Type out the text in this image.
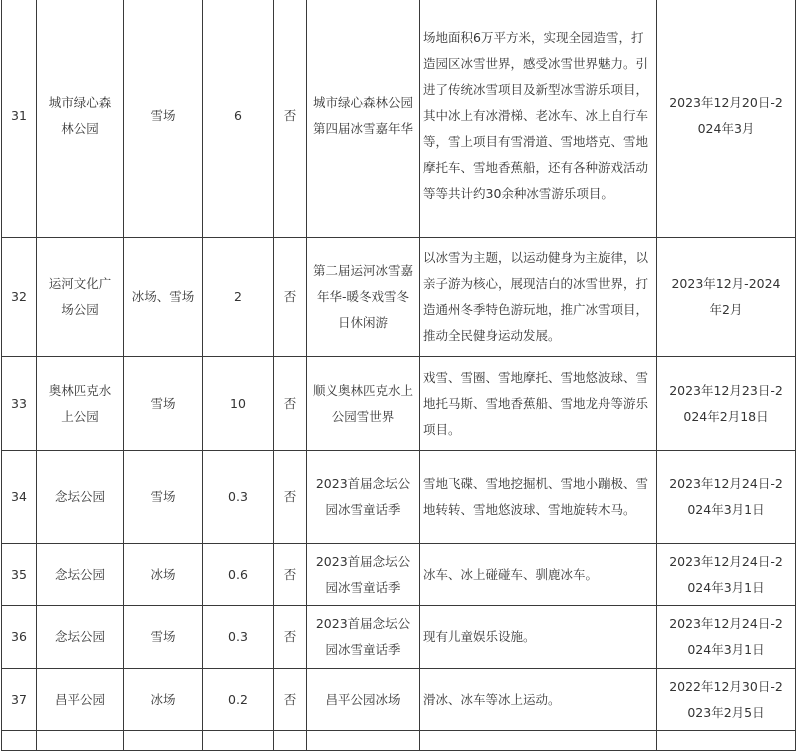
31	城市绿心森林公园	雪场	6	否	城市绿心森林公园第四届冰雪嘉年华	场地面积6万平方米，实现全园造雪，打造园区冰雪世界，感受冰雪世界魅力。引进了传统冰雪项目及新型冰雪游乐项目，其中冰上有冰滑梯、老冰车、冰上自行车等，雪上项目有雪滑道、雪地塔克、雪地摩托车、雪地香蕉船，还有各种游戏活动等等共计约30余种冰雪游乐项目。	2023年12月20日-2024年3月
32	运河文化广场公园	冰场、雪场	2	否	第二届运河冰雪嘉年华-暖冬戏雪冬日休闲游	以冰雪为主题，以运动健身为主旋律，以亲子游为核心，展现洁白的冰雪世界，打造通州冬季特色游玩地，推广冰雪项目，推动全民健身运动发展。	2023年12月-2024年2月
33	奥林匹克水上公园	雪场	10	否	顺义奥林匹克水上公园雪世界	戏雪、雪圈、雪地摩托、雪地悠波球、雪地托马斯、雪地香蕉船、雪地龙舟等游乐项目。	2023年12月23日-2024年2月18日
34	念坛公园	雪场	0.3	否	2023首届念坛公园冰雪童话季	雪地飞碟、雪地挖掘机、雪地小蹦极、雪地转转、雪地悠波球、雪地旋转木马。	2023年12月24日-2024年3月1日
35	念坛公园	冰场	0.6	否	2023首届念坛公园冰雪童话季	冰车、冰上碰碰车、驯鹿冰车。	2023年12月24日-2024年3月1日
36	念坛公园	雪场	0.3	否	2023首届念坛公园冰雪童话季	现有儿童娱乐设施。	2023年12月24日-2024年3月1日
37	昌平公园	冰场	0.2	否	昌平公园冰场	滑冰、冰车等冰上运动。	2022年12月30日-2023年2月5日
